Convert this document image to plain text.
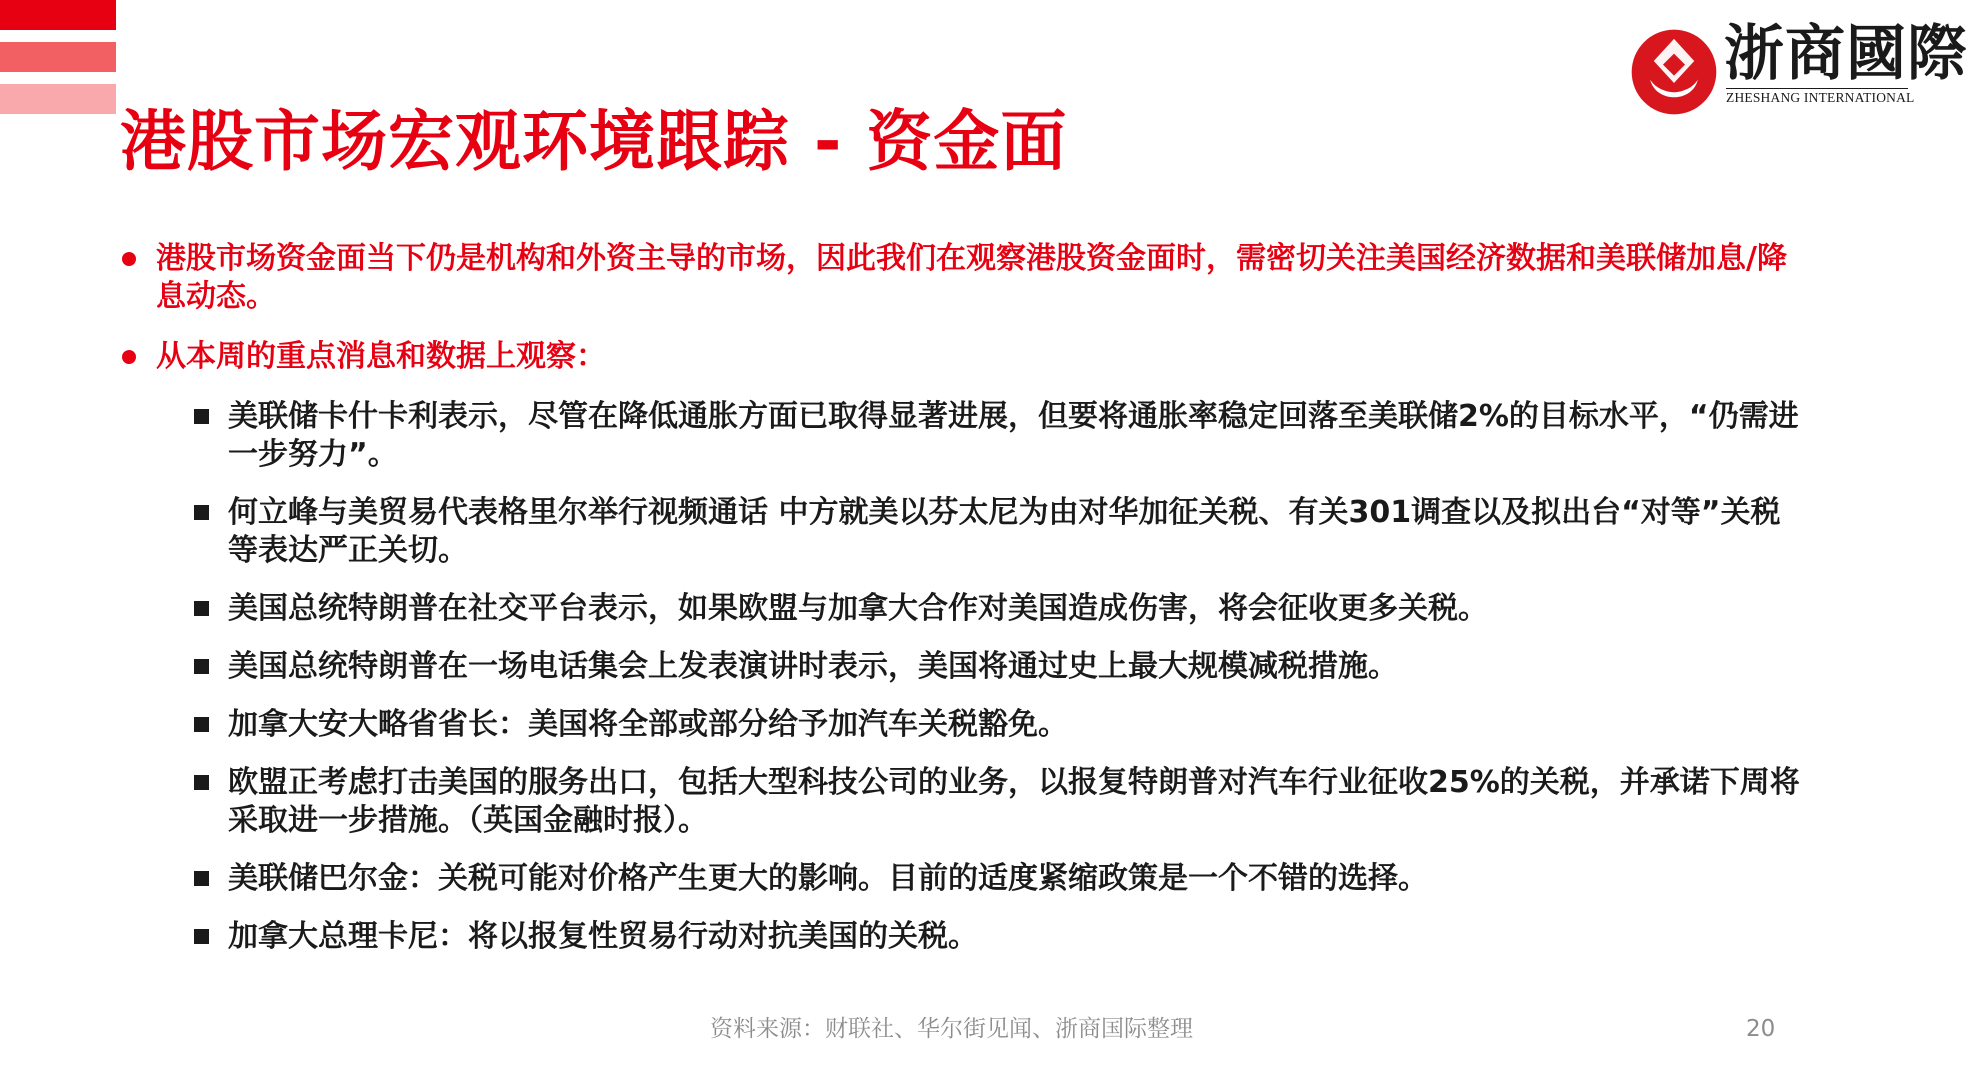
浙商國際
ZHESHANG INTERNATIONAL
港股市场宏观环境跟踪 - 资金面
港股市场资金面当下仍是机构和外资主导的市场，因此我们在观察港股资金面时，需密切关注美国经济数据和美联储加息/降息动态。
从本周的重点消息和数据上观察：
美联储卡什卡利表示，尽管在降低通胀方面已取得显著进展，但要将通胀率稳定回落至美联储2%的目标水平，“仍需进一步努力”。
何立峰与美贸易代表格里尔举行视频通话 中方就美以芬太尼为由对华加征关税、有关301调查以及拟出台“对等”关税等表达严正关切。
美国总统特朗普在社交平台表示，如果欧盟与加拿大合作对美国造成伤害，将会征收更多关税。
美国总统特朗普在一场电话集会上发表演讲时表示，美国将通过史上最大规模减税措施。
加拿大安大略省省长：美国将全部或部分给予加汽车关税豁免。
欧盟正考虑打击美国的服务出口，包括大型科技公司的业务，以报复特朗普对汽车行业征收25%的关税，并承诺下周将采取进一步措施。（英国金融时报）。
美联储巴尔金：关税可能对价格产生更大的影响。目前的适度紧缩政策是一个不错的选择。
加拿大总理卡尼：将以报复性贸易行动对抗美国的关税。
资料来源：财联社、华尔街见闻、浙商国际整理	20
